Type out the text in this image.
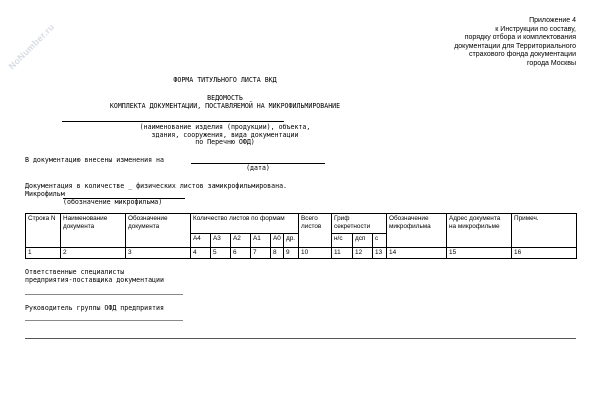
NoNumber.ru
Приложение 4
к Инструкции по составу,
порядку отбора и комплектования
документации для Территориального
страхового фонда документации
города Москвы
ФОРМА ТИТУЛЬНОГО ЛИСТА ВКД
ВЕДОМОСТЬ
КОМПЛЕКТА ДОКУМЕНТАЦИИ, ПОСТАВЛЯЕМОЙ НА МИКРОФИЛЬМИРОВАНИЕ
(наименование изделия (продукции), объекта,
здания, сооружения, вида документации
по Перечню ОФД)
В документацию внесены изменения на
(дата)
Документация в количестве _ физических листов замикрофильмирована.
Микрофильм
(обозначение микрофильма)
Строка N	Наименование документа	Обозначение документа	Количество листов по формам						Всего листов	Гриф секретности			Обозначение микрофильма	Адрес документа на микрофильме	Примеч.
			А4	А3	А2	А1	А0	др.		н/с	дсп	с			
1	2	3	4	5	6	7	8	9	10	11	12	13	14	15	16
Ответственные специалисты
предприятия-поставщика документации
Руководитель группы ОФД предприятия
